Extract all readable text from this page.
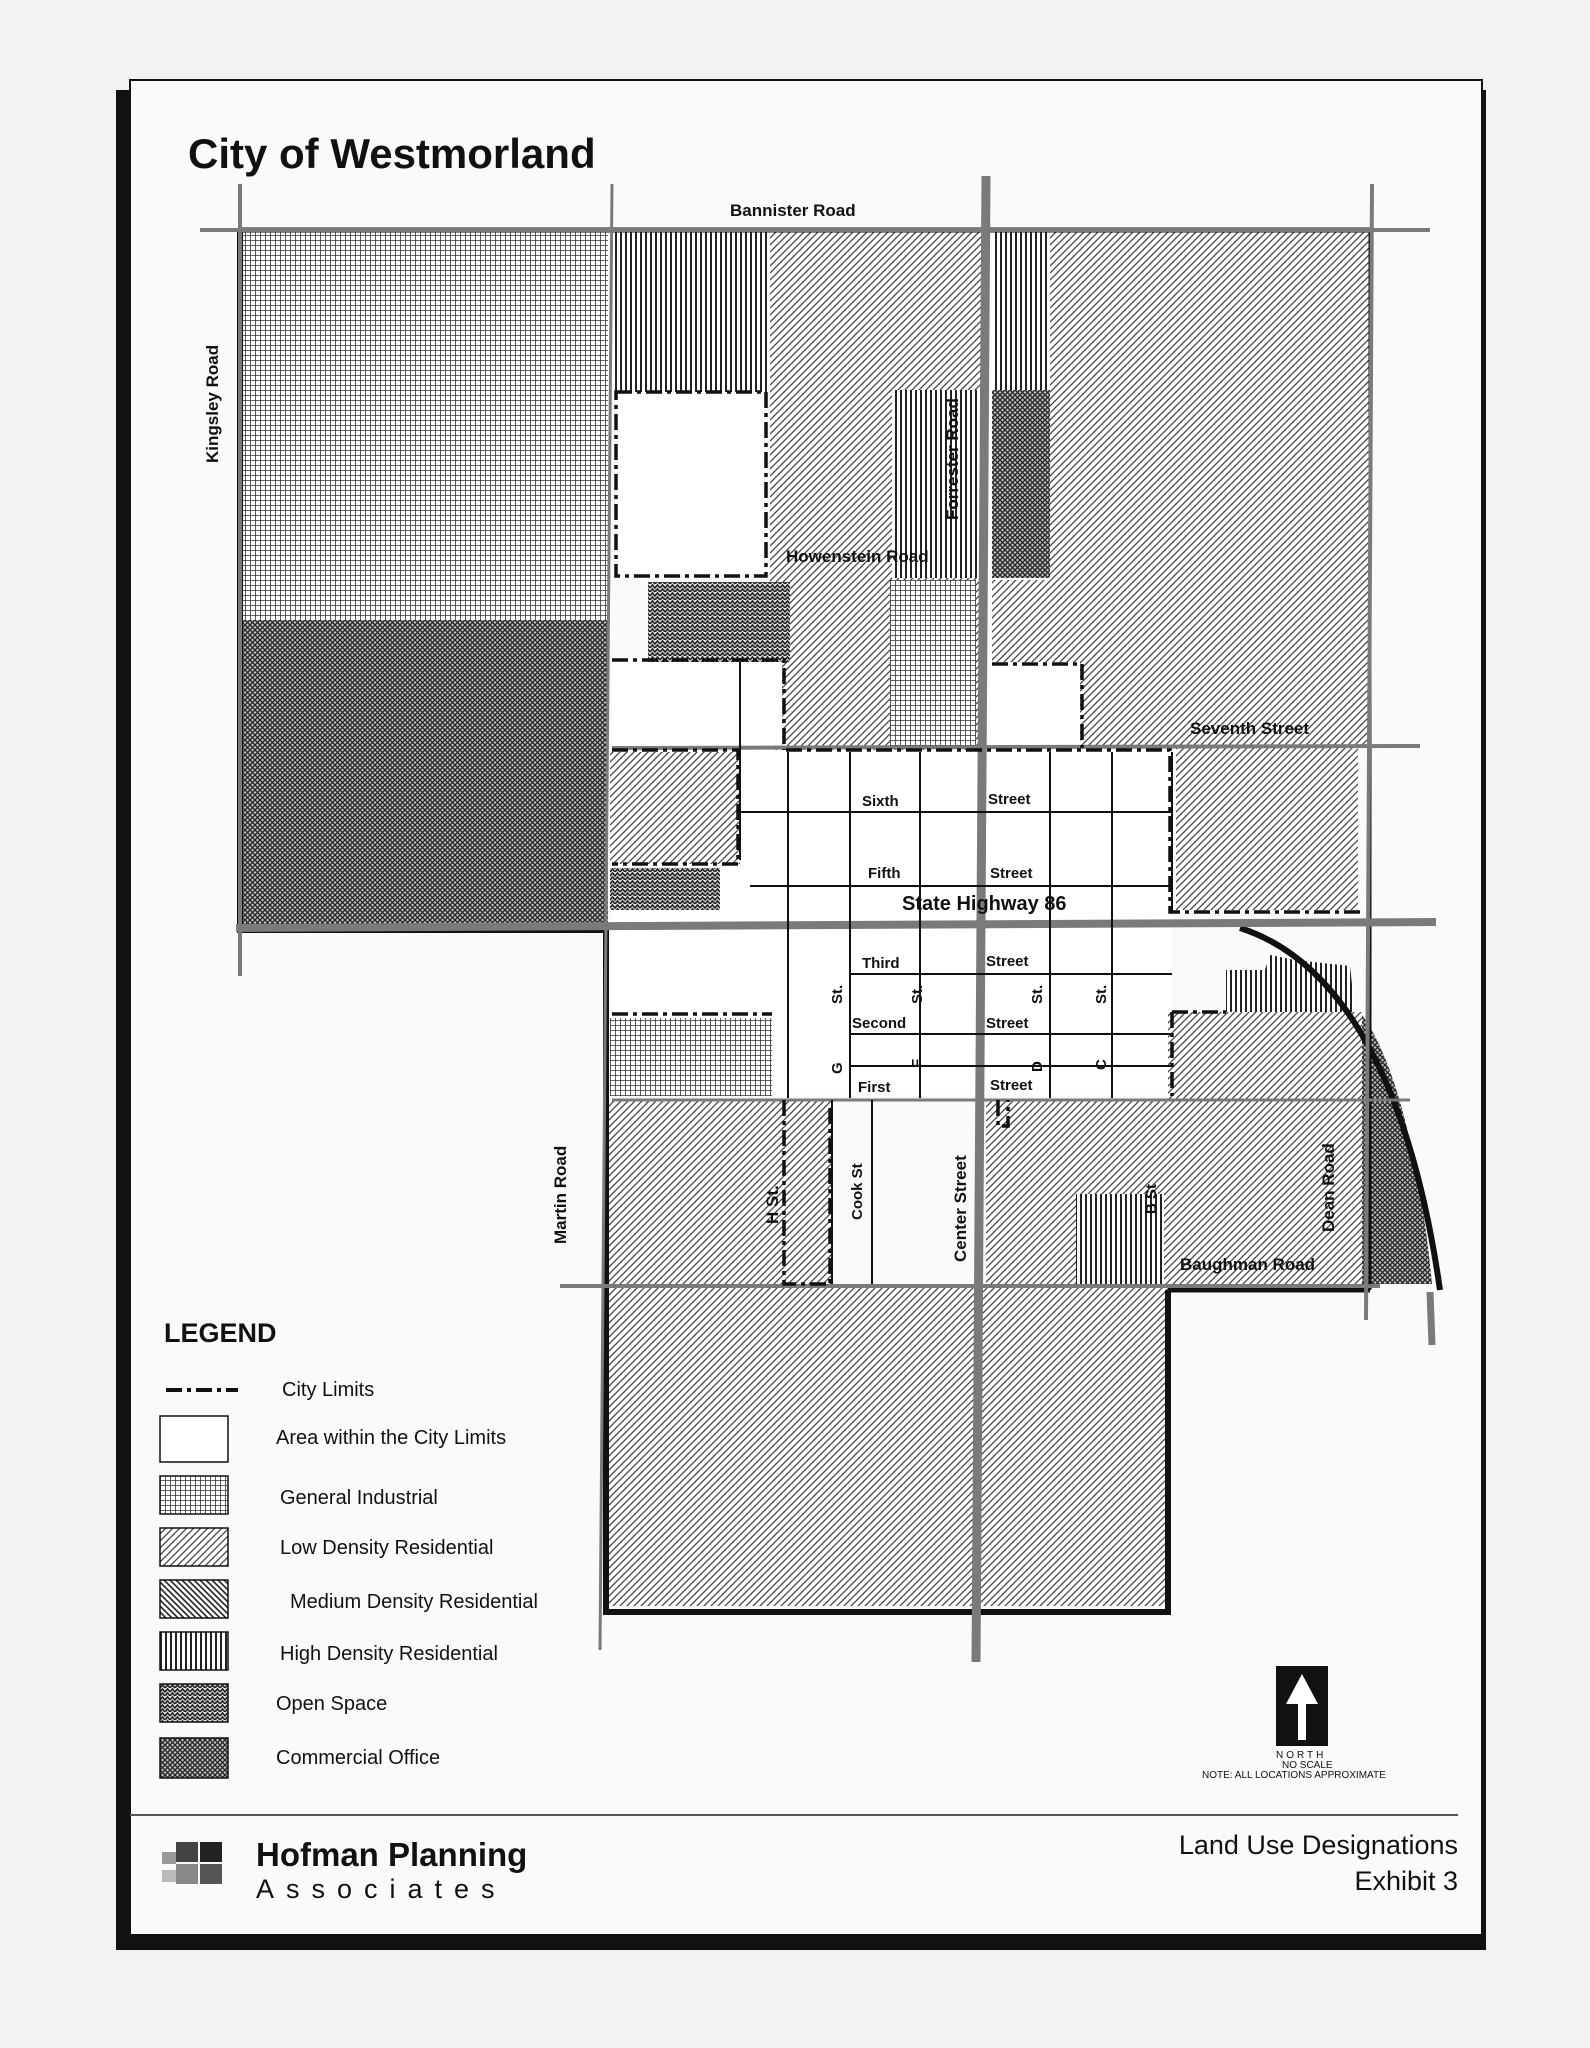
City of Westmorland
Bannister Road
Kingsley Road	Forrester Road
Howenstein Road
Seventh Street
Sixth	Street
Fifth	Street
State Highway 86
Third	Street
Second	Street
First	Street
St.
G
St.
F
St.
D
St.
C
H St.	Cook St	Center Street	B St
Martin Road	Dean Road
Baughman Road
LEGEND
City Limits
Area within the City Limits
General Industrial
Low Density Residential
Medium Density Residential
High Density Residential
Open Space
Commercial Office	NORTH
NO SCALE
NOTE: ALL LOCATIONS APPROXIMATE
Hofman Planning
Associates
Land Use Designations
Exhibit 3
